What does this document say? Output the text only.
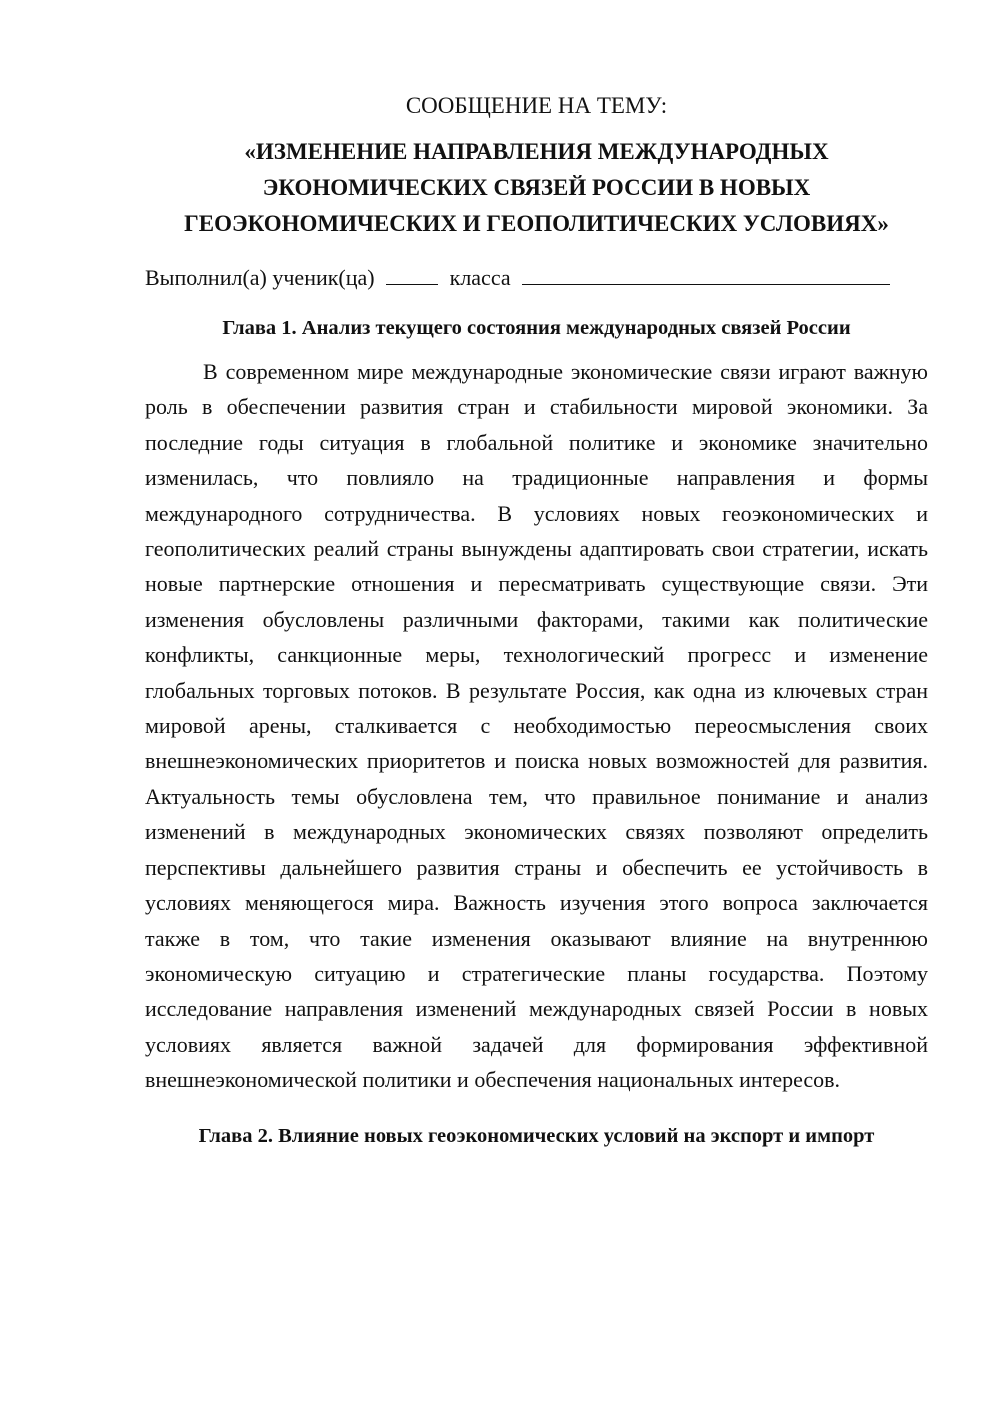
СООБЩЕНИЕ НА ТЕМУ:
«ИЗМЕНЕНИЕ НАПРАВЛЕНИЯ МЕЖДУНАРОДНЫХ
ЭКОНОМИЧЕСКИХ СВЯЗЕЙ РОССИИ В НОВЫХ
ГЕОЭКОНОМИЧЕСКИХ И ГЕОПОЛИТИЧЕСКИХ УСЛОВИЯХ»
Выполнил(а) ученик(ца)	класса
Глава 1. Анализ текущего состояния международных связей России

В современном мире международные экономические связи играют важную роль в обеспечении развития стран и стабильности мировой экономики. За последние годы ситуация в глобальной политике и экономике значительно изменилась, что повлияло на традиционные направления и формы международного сотрудничества. В условиях новых геоэкономических и геополитических реалий страны вынуждены адаптировать свои стратегии, искать новые партнерские отношения и пересматривать существующие связи. Эти изменения обусловлены различными факторами, такими как политические конфликты, санкционные меры, технологический прогресс и изменение глобальных торговых потоков. В результате Россия, как одна из ключевых стран мировой арены, сталкивается с необходимостью переосмысления своих внешнеэкономических приоритетов и поиска новых возможностей для развития. Актуальность темы обусловлена тем, что правильное понимание и анализ изменений в международных экономических связях позволяют определить перспективы дальнейшего развития страны и обеспечить ее устойчивость в условиях меняющегося мира. Важность изучения этого вопроса заключается также в том, что такие изменения оказывают влияние на внутреннюю экономическую ситуацию и стратегические планы государства. Поэтому исследование направления изменений международных связей России в новых условиях является важной задачей для формирования эффективной внешнеэкономической политики и обеспечения национальных интересов.

Глава 2. Влияние новых геоэкономических условий на экспорт и импорт
